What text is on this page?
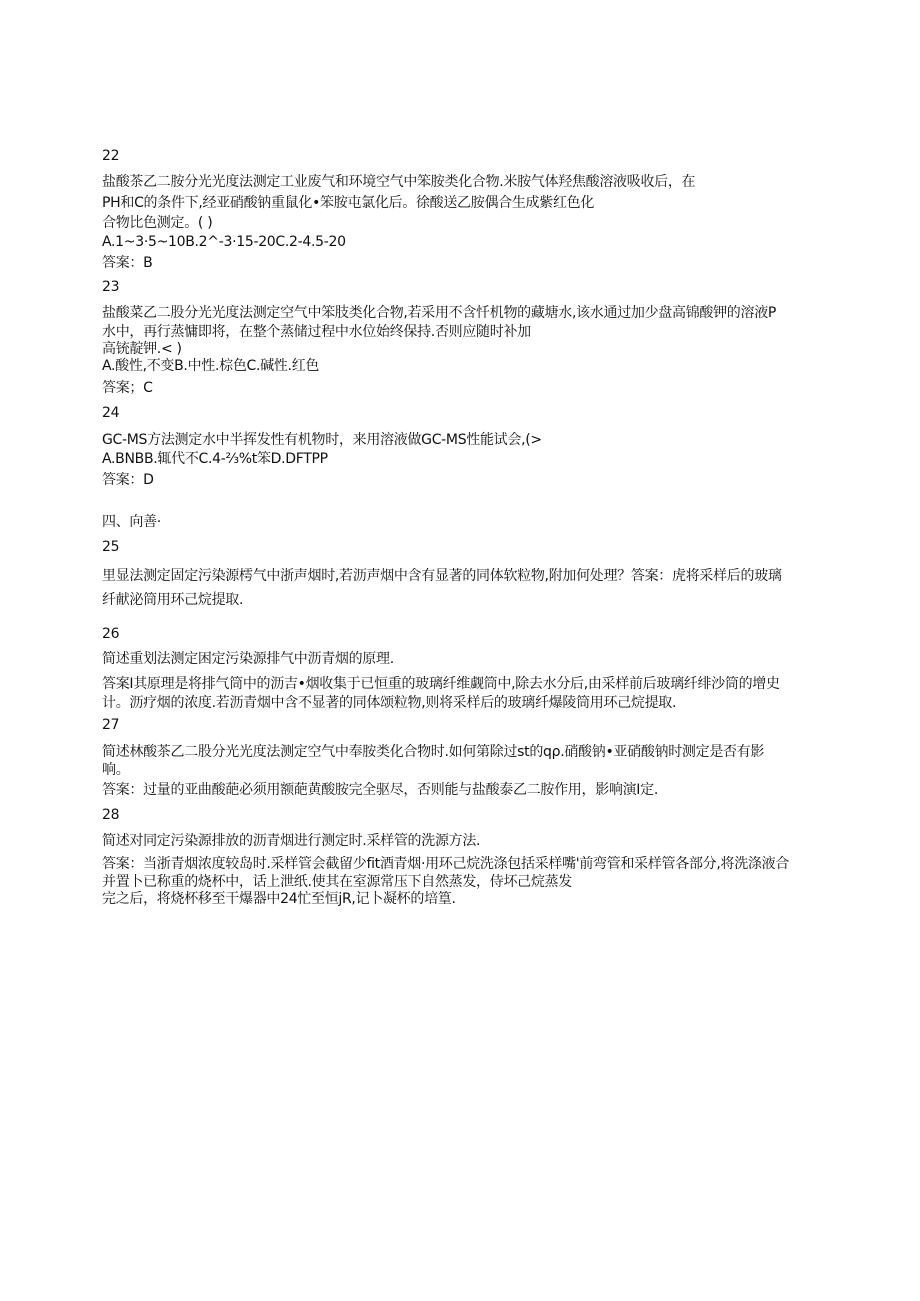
22
盐酸茶乙二胺分光光度法测定工业废气和环境空气中笨胺类化合物.米胺气体羟焦酸溶液吸收后，在
PH和C的条件下,经亚硝酸钠重鼠化•笨胺屯氯化后。徐酸送乙胺偶合生成紫红色化
合物比色测定。( )
A.1~3·5~10B.2^-3·15-20C.2-4.5-20
答案：B
23
盐酸菜乙二股分光光度法测定空气中笨肢类化合物,若采用不含忏机物的藏塘水,该水通过加少盘高锦酸钾的溶液P
水中，再行蒸慵即将，在整个蒸储过程中水位始终保持.否则应随时补加
高铳靛钾.< )
A.酸性,不变B.中性.棕色C.碱性.红色
答案；C
24
GC-MS方法测定水中半挥发性有机物时，来用溶液做GC-MS性能试会,(>
A.BNBB.辄代不C.4-⅔%t笨D.DFTPP
答案：D
四、向善·
25
里显法测定固定污染源樗气中浙声烟时,若沥声烟中含有显著的同体软粒物,附加何处理？答案：虎将采样后的玻璃
纤献泌筒用环己烷提取.
26
简述重划法测定困定污染源排气中沥青烟的原理.
答案I其原理是将排气筒中的沥吉•烟收集于已恒重的玻璃纤维觑筒中,除去水分后,由采样前后玻璃纤绯沙筒的增史
计。沥疗烟的浓度.若沥青烟中含不显著的同体颂粒物,则将采样后的玻璃纤爆陵筒用环己烷提取.
27
简述林酸茶乙二股分光光度法测定空气中奉胺类化合物时.如何第除过st的qρ.硝酸钠•亚硝酸钠时测定是否有影
响。
答案：过量的亚曲酸葩必须用额葩黄酸胺完全驱尽，否则能与盐酸泰乙二胺作用，影响演I定.
28
简述对同定污染源排放的沥青烟进行测定时.采样管的洗源方法.
答案：当浙青烟浓度较岛时.采样管会截留少fit酒青烟·用环己烷洗涤包括采样嘴'前弯管和采样管各部分,将洗涤液合
并置卜已称重的烧杯中，话上泄纸.使其在室源常压下自然蒸发，侍坏己烷蒸发
完之后，将烧杯移至干爆器中24忙至恒jR,记卜凝杯的培篁.
